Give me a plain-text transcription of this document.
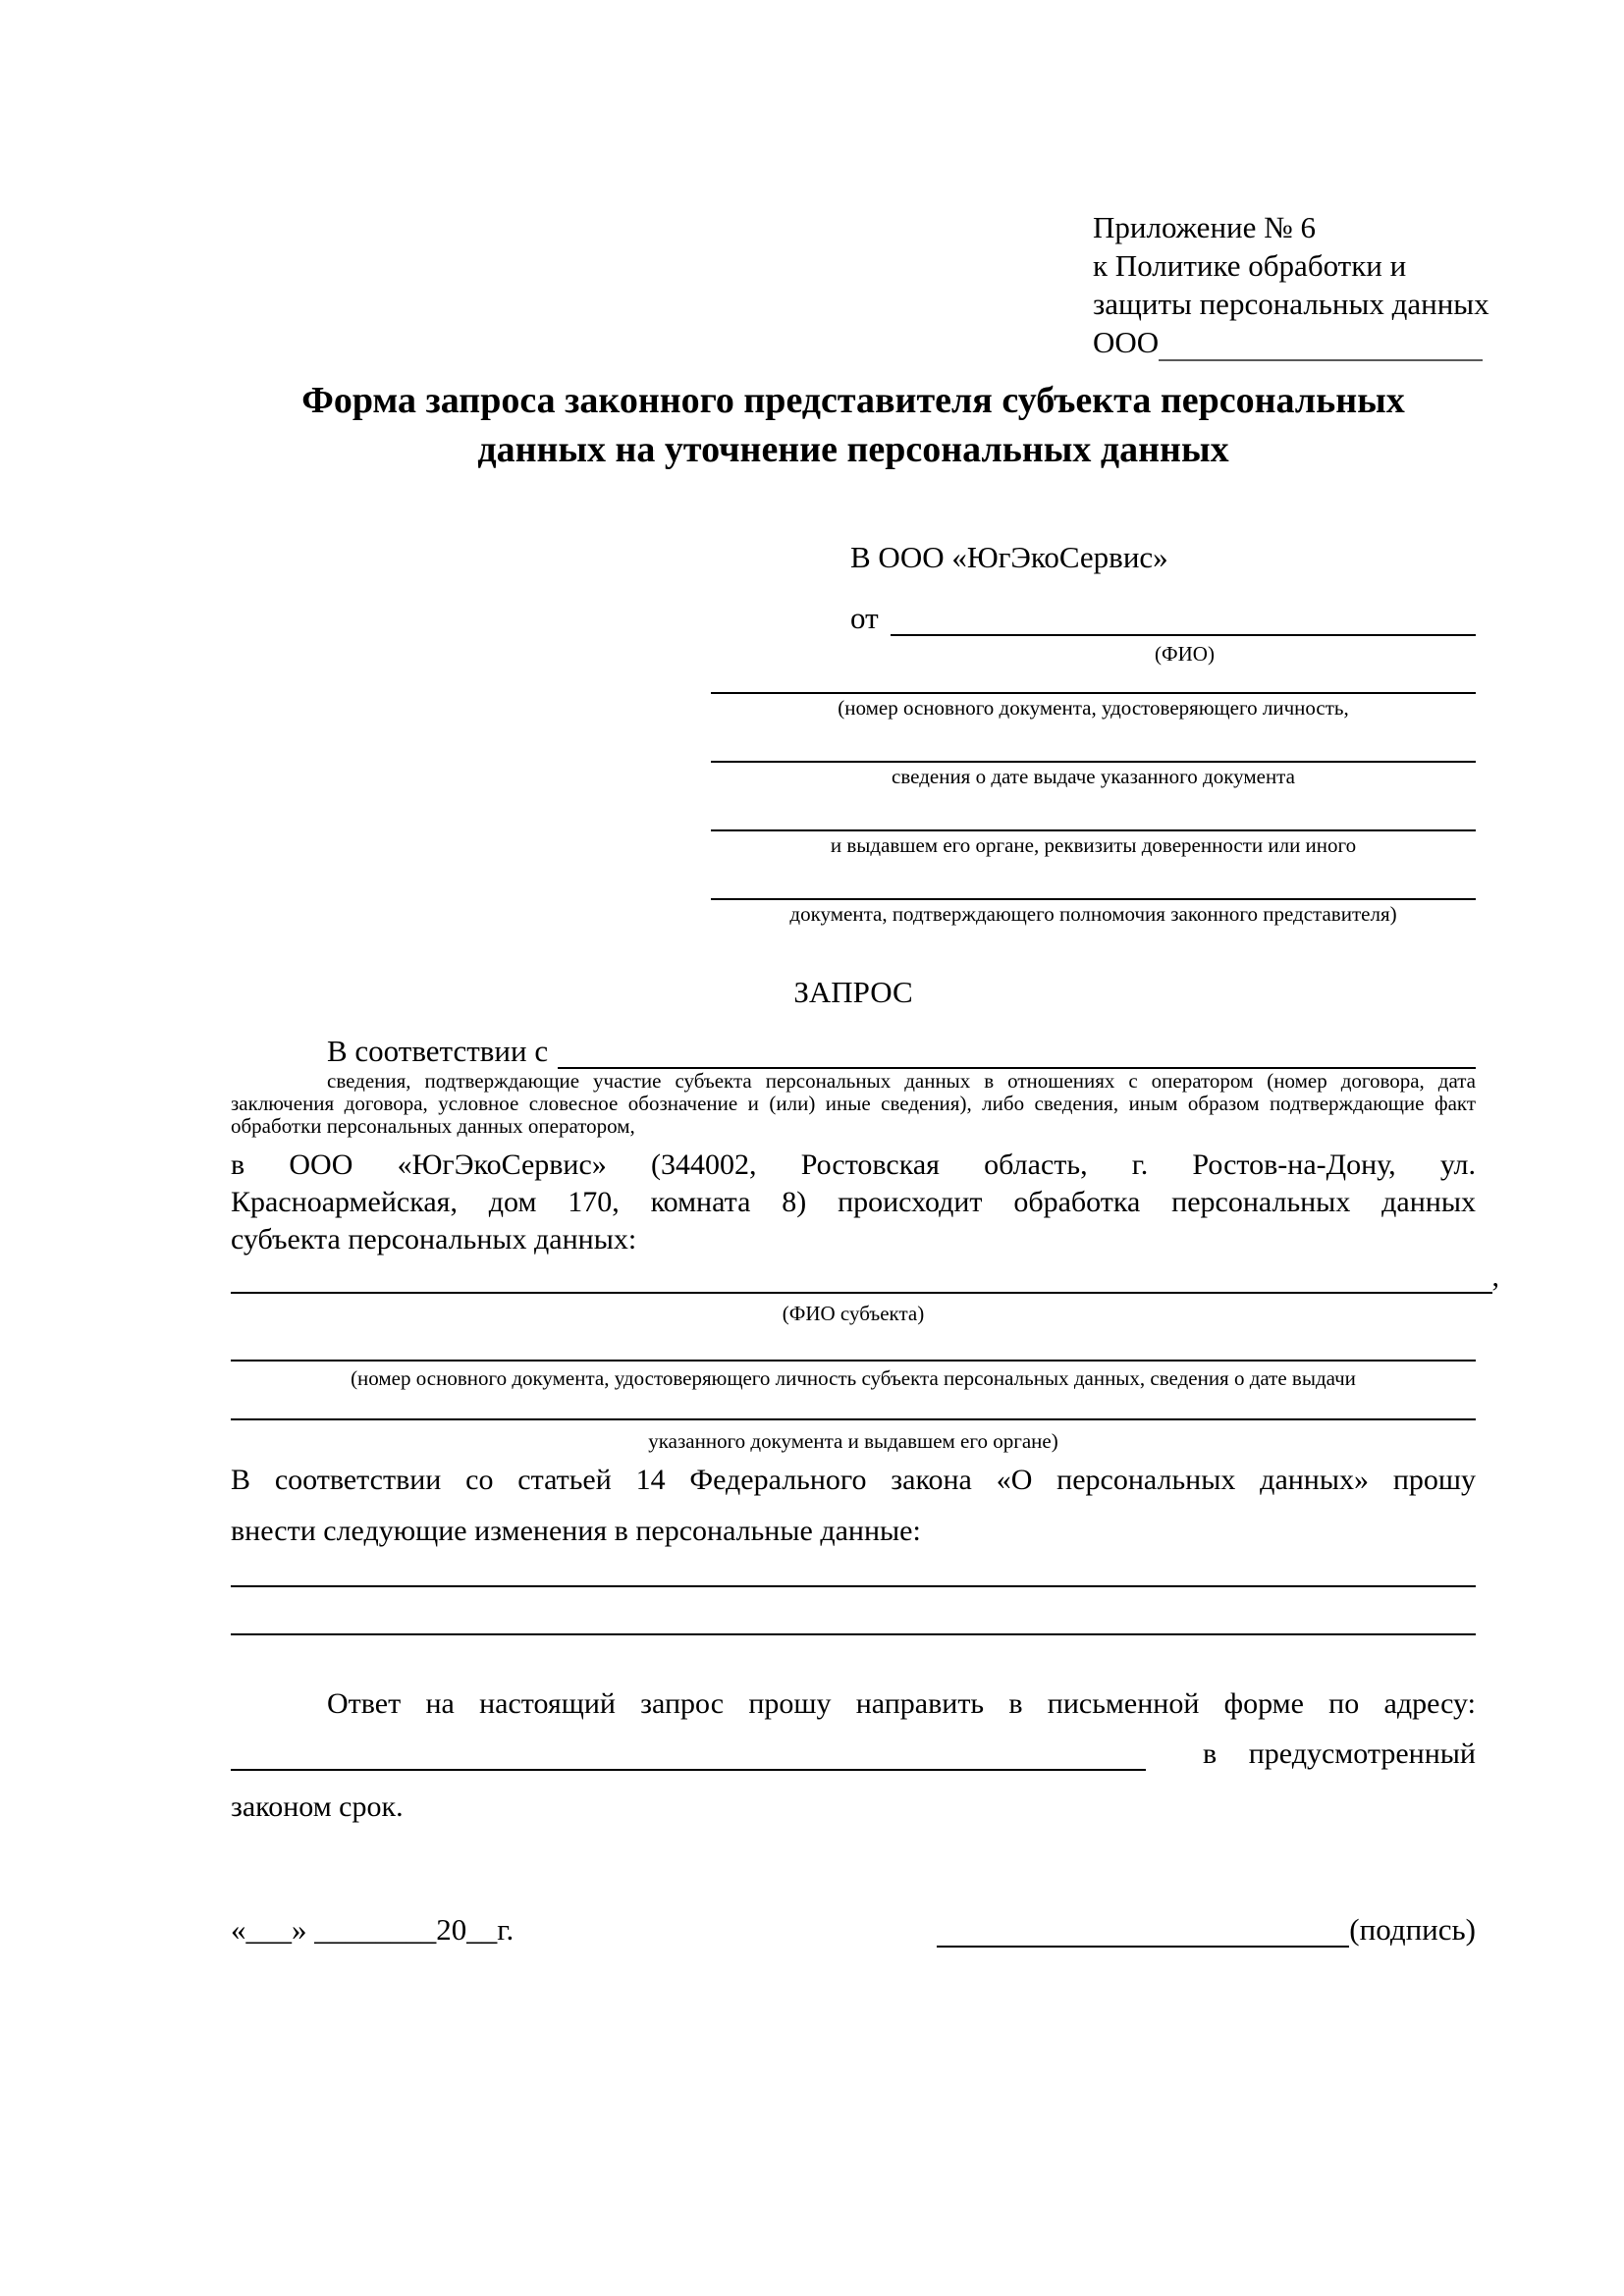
Приложение № 6
к Политике обработки и
защиты персональных данных
ООО
Форма запроса законного представителя субъекта персональных
данных на уточнение персональных данных
В ООО «ЮгЭкоСервис»
от
(ФИО)
(номер основного документа, удостоверяющего личность,
сведения о дате выдаче указанного документа
и выдавшем его органе, реквизиты доверенности или иного
документа, подтверждающего полномочия законного представителя)
ЗАПРОС
В соответствии с
сведения, подтверждающие участие субъекта персональных данных в отношениях с оператором (номер договора, дата
заключения договора, условное словесное обозначение и (или) иные сведения), либо сведения, иным образом подтверждающие факт
обработки персональных данных оператором,
в ООО «ЮгЭкоСервис» (344002, Ростовская область, г. Ростов-на-Дону, ул.
Красноармейская, дом 170, комната 8) происходит обработка персональных данных
субъекта персональных данных:
,
(ФИО субъекта)
(номер основного документа, удостоверяющего личность субъекта персональных данных, сведения о дате выдачи
указанного документа и выдавшем его органе)
В соответствии со статьей 14 Федерального закона «О персональных данных» прошу
внести следующие изменения в персональные данные:
Ответ на настоящий запрос прошу направить в письменной форме по адресу:
в предусмотренный
законом срок.
«___» ________20__г.	(подпись)
